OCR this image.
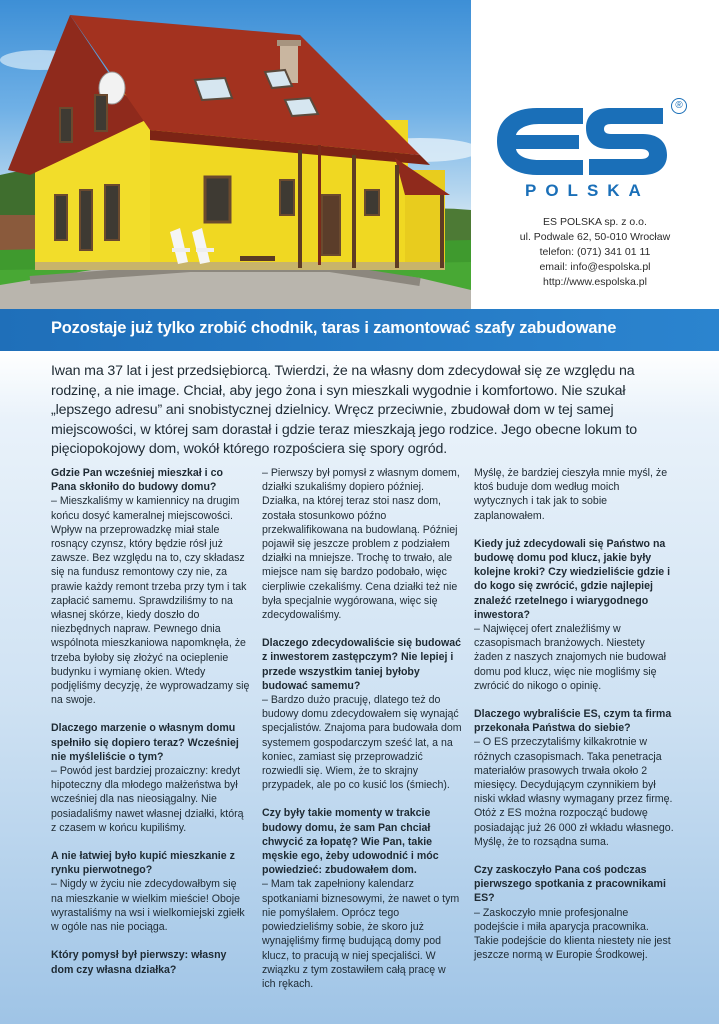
®
POLSKA
ES POLSKA sp. z o.o.
ul. Podwale 62, 50-010 Wrocław
telefon: (071) 341 01 11
email: info@espolska.pl
http://www.espolska.pl
Pozostaje już tylko zrobić chodnik, taras i zamontować szafy zabudowane

Iwan ma 37 lat i jest przedsiębiorcą. Twierdzi, że na własny dom zdecydował się ze względu na rodzinę, a nie image. Chciał, aby jego żona i syn mieszkali wygodnie i komfortowo. Nie szukał „lepszego adresu” ani snobistycznej dzielnicy. Wręcz przeciwnie, zbudował dom w tej samej miejscowości, w której sam dorastał i gdzie teraz mieszkają jego rodzice. Jego obecne lokum to pięciopokojowy dom, wokół którego rozpościera się spory ogród.

Gdzie Pan wcześniej mieszkał i co Pana skłoniło do budowy domu?

– Mieszkaliśmy w kamiennicy na drugim końcu dosyć kameralnej miejscowości. Wpływ na przeprowadzkę miał stale rosnący czynsz, który będzie rósł już zawsze. Bez względu na to, czy składasz się na fundusz remontowy czy nie, za prawie każdy remont trzeba przy tym i tak zapłacić samemu. Sprawdziliśmy to na własnej skórze, kiedy doszło do niezbędnych napraw. Pewnego dnia wspólnota mieszkaniowa napomknęła, że trzeba byłoby się złożyć na ocieplenie budynku i wymianę okien. Wtedy podjęliśmy decyzję, że wyprowadzamy się na swoje.

Dlaczego marzenie o własnym domu spełniło się dopiero teraz? Wcześniej nie myśleliście o tym?

– Powód jest bardziej prozaiczny: kredyt hipoteczny dla młodego małżeństwa był wcześniej dla nas nieosiągalny. Nie posiadaliśmy nawet własnej działki, którą z czasem w końcu kupiliśmy.

A nie łatwiej było kupić mieszkanie z rynku pierwotnego?

– Nigdy w życiu nie zdecydowałbym się na mieszkanie w wielkim mieście! Oboje wyrastaliśmy na wsi i wielkomiejski zgiełk w ogóle nas nie pociąga.

Który pomysł był pierwszy: własny dom czy własna działka?

– Pierwszy był pomysł z własnym domem, działki szukaliśmy dopiero później. Działka, na której teraz stoi nasz dom, została stosunkowo późno przekwalifikowana na budowlaną. Później pojawił się jeszcze problem z podziałem działki na mniejsze. Trochę to trwało, ale miejsce nam się bardzo podobało, więc cierpliwie czekaliśmy. Cena działki też nie była specjalnie wygórowana, więc się zdecydowaliśmy.

Dlaczego zdecydowaliście się budować z inwestorem zastępczym? Nie lepiej i przede wszystkim taniej byłoby budować samemu?

– Bardzo dużo pracuję, dlatego też do budowy domu zdecydowałem się wynająć specjalistów. Znajoma para budowała dom systemem gospodarczym sześć lat, a na koniec, zamiast się przeprowadzić rozwiedli się. Wiem, że to skrajny przypadek, ale po co kusić los (śmiech).

Czy były takie momenty w trakcie budowy domu, że sam Pan chciał chwycić za łopatę? Wie Pan, takie męskie ego, żeby udowodnić i móc powiedzieć: zbudowałem dom.

– Mam tak zapełniony kalendarz spotkaniami biznesowymi, że nawet o tym nie pomyślałem. Oprócz tego powiedzieliśmy sobie, że skoro już wynajęliśmy firmę budującą domy pod klucz, to pracują w niej specjaliści. W związku z tym zostawiłem całą pracę w ich rękach.

Myślę, że bardziej cieszyła mnie myśl, że ktoś buduje dom według moich wytycznych i tak jak to sobie zaplanowałem.

Kiedy już zdecydowali się Państwo na budowę domu pod klucz, jakie były kolejne kroki? Czy wiedzieliście gdzie i do kogo się zwrócić, gdzie najlepiej znaleźć rzetelnego i wiarygodnego inwestora?

– Najwięcej ofert znaleźliśmy w czasopismach branżowych. Niestety żaden z naszych znajomych nie budował domu pod klucz, więc nie mogliśmy się zwrócić do nikogo o opinię.

Dlaczego wybraliście ES, czym ta firma przekonała Państwa do siebie?

– O ES przeczytaliśmy kilkakrotnie w różnych czasopismach. Taka penetracja materiałów prasowych trwała około 2 miesięcy. Decydującym czynnikiem był niski wkład własny wymagany przez firmę. Otóż z ES można rozpocząć budowę posiadając już 26 000 zł wkładu własnego. Myślę, że to rozsądna suma.

Czy zaskoczyło Pana coś podczas pierwszego spotkania z pracownikami ES?

– Zaskoczyło mnie profesjonalne podejście i miła aparycja pracownika. Takie podejście do klienta niestety nie jest jeszcze normą w Europie Środkowej.
